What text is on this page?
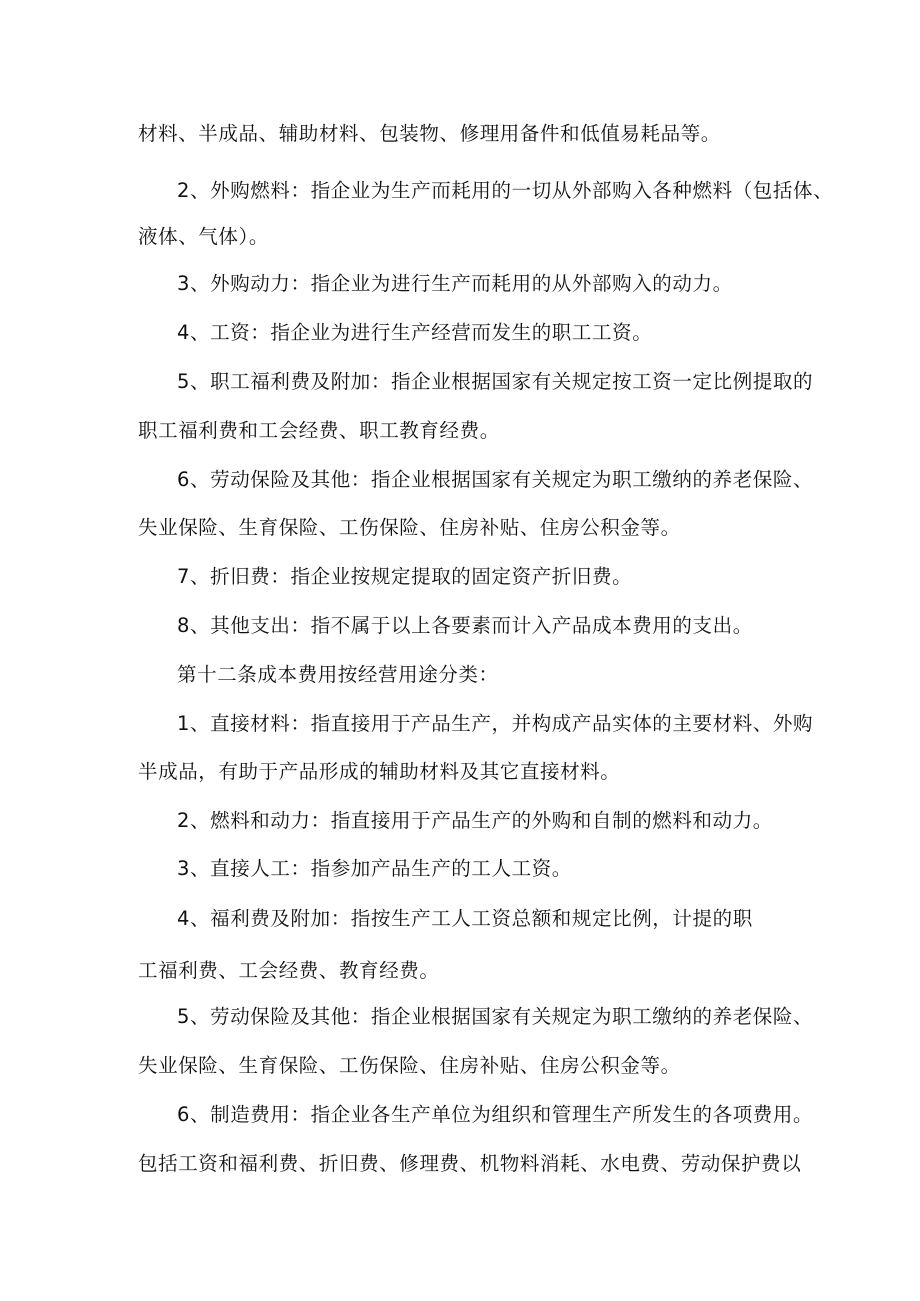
材料、半成品、辅助材料、包装物、修理用备件和低值易耗品等。
2、外购燃料：指企业为生产而耗用的一切从外部购入各种燃料（包括体、
液体、气体）。
3、外购动力：指企业为进行生产而耗用的从外部购入的动力。
4、工资：指企业为进行生产经营而发生的职工工资。
5、职工福利费及附加：指企业根据国家有关规定按工资一定比例提取的
职工福利费和工会经费、职工教育经费。
6、劳动保险及其他：指企业根据国家有关规定为职工缴纳的养老保险、
失业保险、生育保险、工伤保险、住房补贴、住房公积金等。
7、折旧费：指企业按规定提取的固定资产折旧费。
8、其他支出：指不属于以上各要素而计入产品成本费用的支出。
第十二条成本费用按经营用途分类：
1、直接材料：指直接用于产品生产，并构成产品实体的主要材料、外购
半成品，有助于产品形成的辅助材料及其它直接材料。
2、燃料和动力：指直接用于产品生产的外购和自制的燃料和动力。
3、直接人工：指参加产品生产的工人工资。
4、福利费及附加：指按生产工人工资总额和规定比例，计提的职
工福利费、工会经费、教育经费。
5、劳动保险及其他：指企业根据国家有关规定为职工缴纳的养老保险、
失业保险、生育保险、工伤保险、住房补贴、住房公积金等。
6、制造费用：指企业各生产单位为组织和管理生产所发生的各项费用。
包括工资和福利费、折旧费、修理费、机物料消耗、水电费、劳动保护费以
